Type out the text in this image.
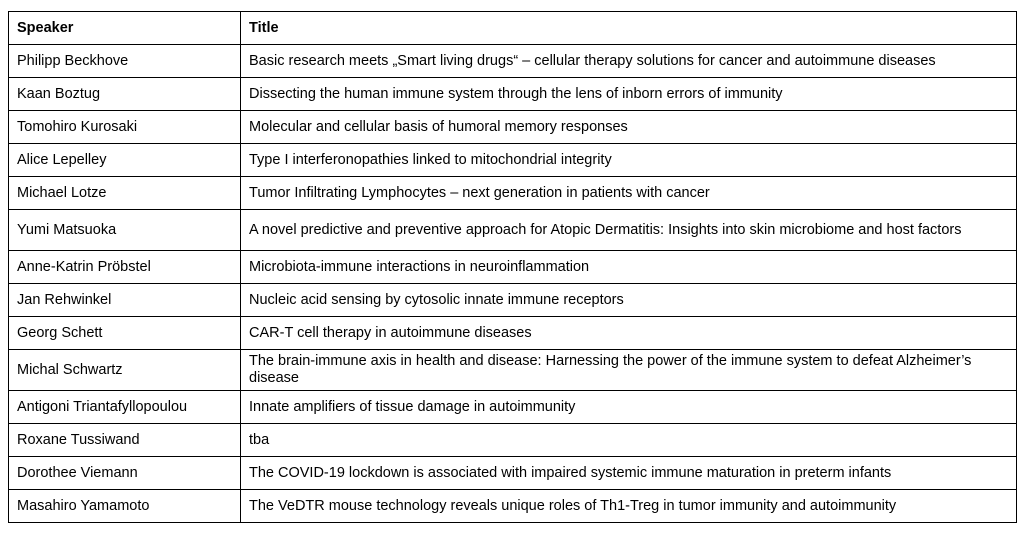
Speaker	Title
Philipp Beckhove	Basic research meets „Smart living drugs“ – cellular therapy solutions for cancer and autoimmune diseases
Kaan Boztug	Dissecting the human immune system through the lens of inborn errors of immunity
Tomohiro Kurosaki	Molecular and cellular basis of humoral memory responses
Alice Lepelley	Type I interferonopathies linked to mitochondrial integrity
Michael Lotze	Tumor Infiltrating Lymphocytes – next generation in patients with cancer
Yumi Matsuoka	A novel predictive and preventive approach for Atopic Dermatitis: Insights into skin microbiome and host factors
Anne-Katrin Pröbstel	Microbiota-immune interactions in neuroinflammation
Jan Rehwinkel	Nucleic acid sensing by cytosolic innate immune receptors
Georg Schett	CAR-T cell therapy in autoimmune diseases
Michal Schwartz	The brain-immune axis in health and disease: Harnessing the power of the immune system to defeat Alzheimer’s disease
Antigoni Triantafyllopoulou	Innate amplifiers of tissue damage in autoimmunity
Roxane Tussiwand	tba
Dorothee Viemann	The COVID-19 lockdown is associated with impaired systemic immune maturation in preterm infants
Masahiro Yamamoto	The VeDTR mouse technology reveals unique roles of Th1-Treg in tumor immunity and autoimmunity
